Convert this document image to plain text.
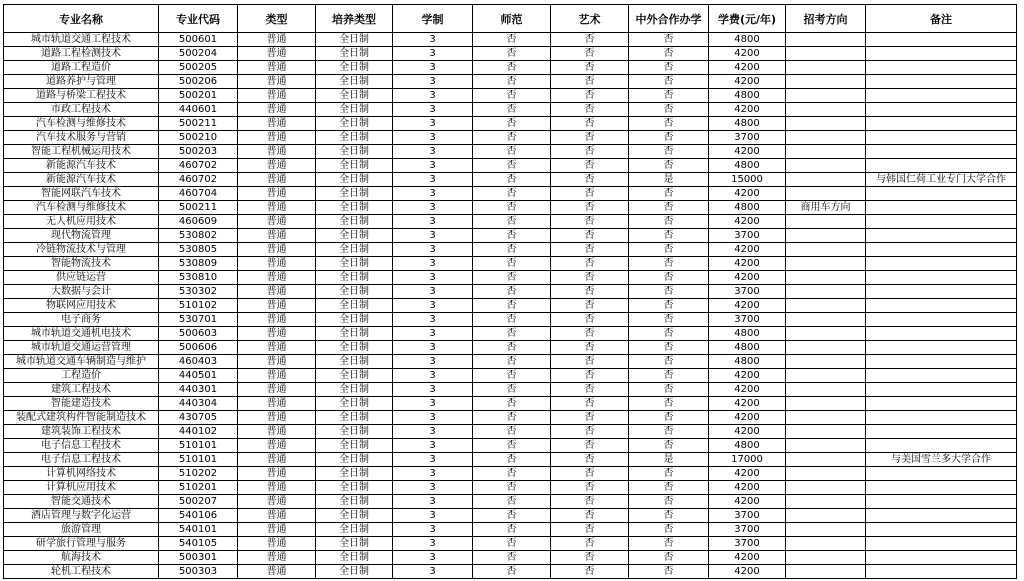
专业名称	专业代码	类型	培养类型	学制	师范	艺术	中外合作办学	学费(元/年)	招考方向	备注
城市轨道交通工程技术	500601	普通	全日制	3	否	否	否	4800		
道路工程检测技术	500204	普通	全日制	3	否	否	否	4200		
道路工程造价	500205	普通	全日制	3	否	否	否	4200		
道路养护与管理	500206	普通	全日制	3	否	否	否	4200		
道路与桥梁工程技术	500201	普通	全日制	3	否	否	否	4800		
市政工程技术	440601	普通	全日制	3	否	否	否	4200		
汽车检测与维修技术	500211	普通	全日制	3	否	否	否	4800		
汽车技术服务与营销	500210	普通	全日制	3	否	否	否	3700		
智能工程机械运用技术	500203	普通	全日制	3	否	否	否	4200		
新能源汽车技术	460702	普通	全日制	3	否	否	否	4800		
新能源汽车技术	460702	普通	全日制	3	否	否	是	15000		与韩国仁荷工业专门大学合作
智能网联汽车技术	460704	普通	全日制	3	否	否	否	4200		
汽车检测与维修技术	500211	普通	全日制	3	否	否	否	4800	商用车方向	
无人机应用技术	460609	普通	全日制	3	否	否	否	4200		
现代物流管理	530802	普通	全日制	3	否	否	否	3700		
冷链物流技术与管理	530805	普通	全日制	3	否	否	否	4200		
智能物流技术	530809	普通	全日制	3	否	否	否	4200		
供应链运营	530810	普通	全日制	3	否	否	否	4200		
大数据与会计	530302	普通	全日制	3	否	否	否	3700		
物联网应用技术	510102	普通	全日制	3	否	否	否	4200		
电子商务	530701	普通	全日制	3	否	否	否	3700		
城市轨道交通机电技术	500603	普通	全日制	3	否	否	否	4800		
城市轨道交通运营管理	500606	普通	全日制	3	否	否	否	4800		
城市轨道交通车辆制造与维护	460403	普通	全日制	3	否	否	否	4800		
工程造价	440501	普通	全日制	3	否	否	否	4200		
建筑工程技术	440301	普通	全日制	3	否	否	否	4200		
智能建造技术	440304	普通	全日制	3	否	否	否	4200		
装配式建筑构件智能制造技术	430705	普通	全日制	3	否	否	否	4200		
建筑装饰工程技术	440102	普通	全日制	3	否	否	否	4200		
电子信息工程技术	510101	普通	全日制	3	否	否	否	4800		
电子信息工程技术	510101	普通	全日制	3	否	否	是	17000		与美国雪兰多大学合作
计算机网络技术	510202	普通	全日制	3	否	否	否	4200		
计算机应用技术	510201	普通	全日制	3	否	否	否	4200		
智能交通技术	500207	普通	全日制	3	否	否	否	4200		
酒店管理与数字化运营	540106	普通	全日制	3	否	否	否	3700		
旅游管理	540101	普通	全日制	3	否	否	否	3700		
研学旅行管理与服务	540105	普通	全日制	3	否	否	否	3700		
航海技术	500301	普通	全日制	3	否	否	否	4200		
轮机工程技术	500303	普通	全日制	3	否	否	否	4200		
